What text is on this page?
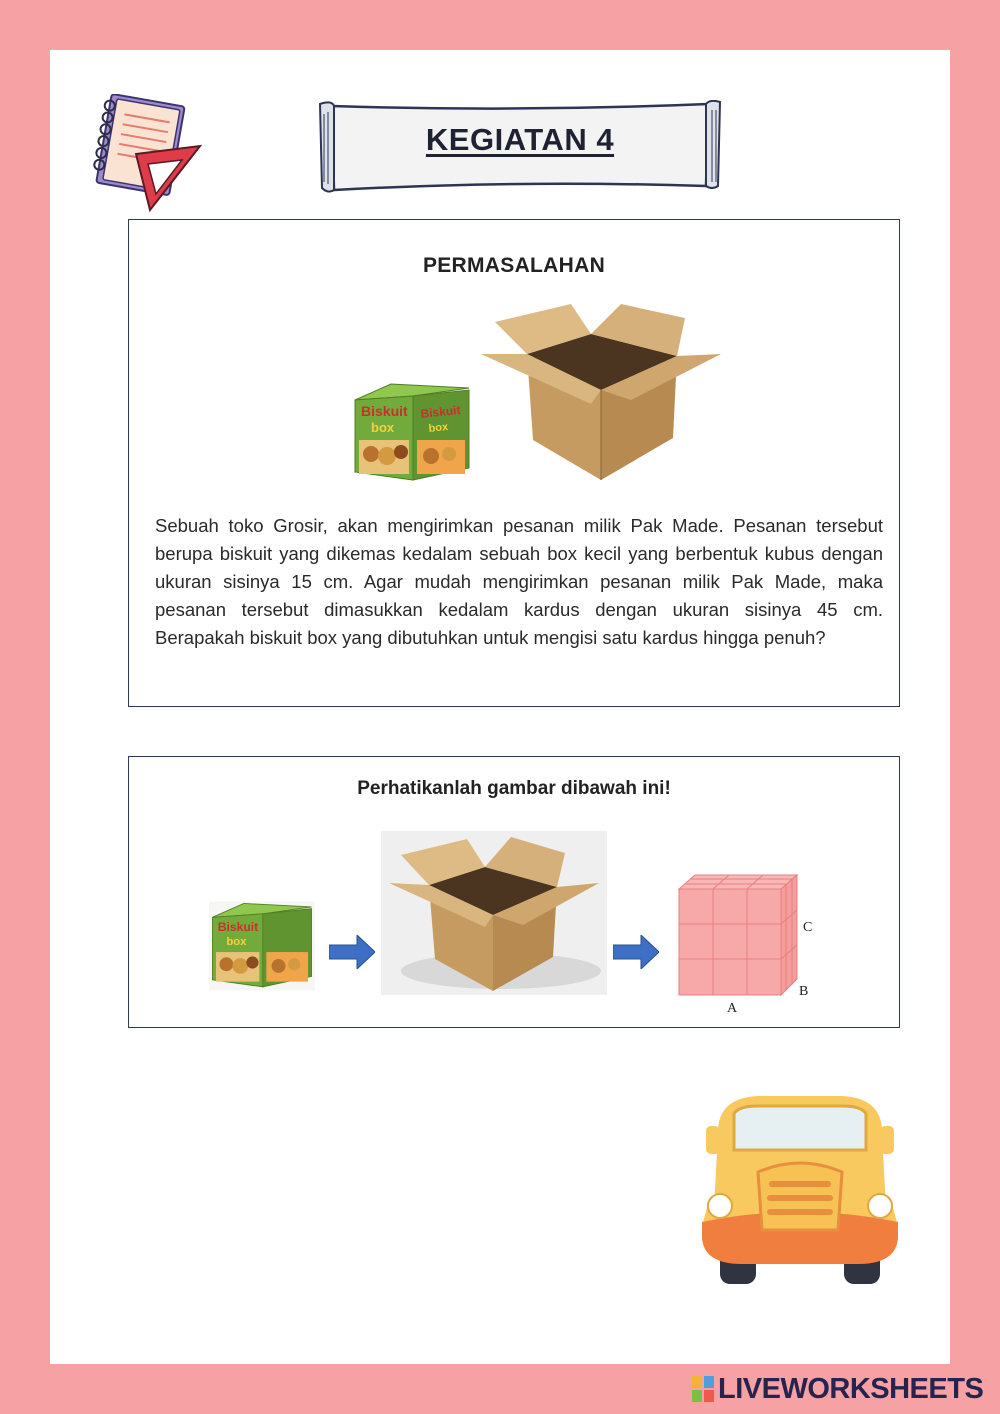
KEGIATAN 4
PERMASALAHAN
Biskuit
box
Biskuit
box

Sebuah toko Grosir, akan mengirimkan pesanan milik Pak Made. Pesanan tersebut berupa biskuit yang dikemas kedalam sebuah box kecil yang berbentuk kubus dengan ukuran sisinya 15 cm. Agar mudah mengirimkan pesanan milik Pak Made, maka pesanan tersebut dimasukkan kedalam kardus dengan ukuran sisinya 45 cm. Berapakah biskuit box yang dibutuhkan untuk mengisi satu kardus hingga penuh?

Perhatikanlah gambar dibawah ini!
Biskuit
box
A
B
C
LIVEWORKSHEETS
